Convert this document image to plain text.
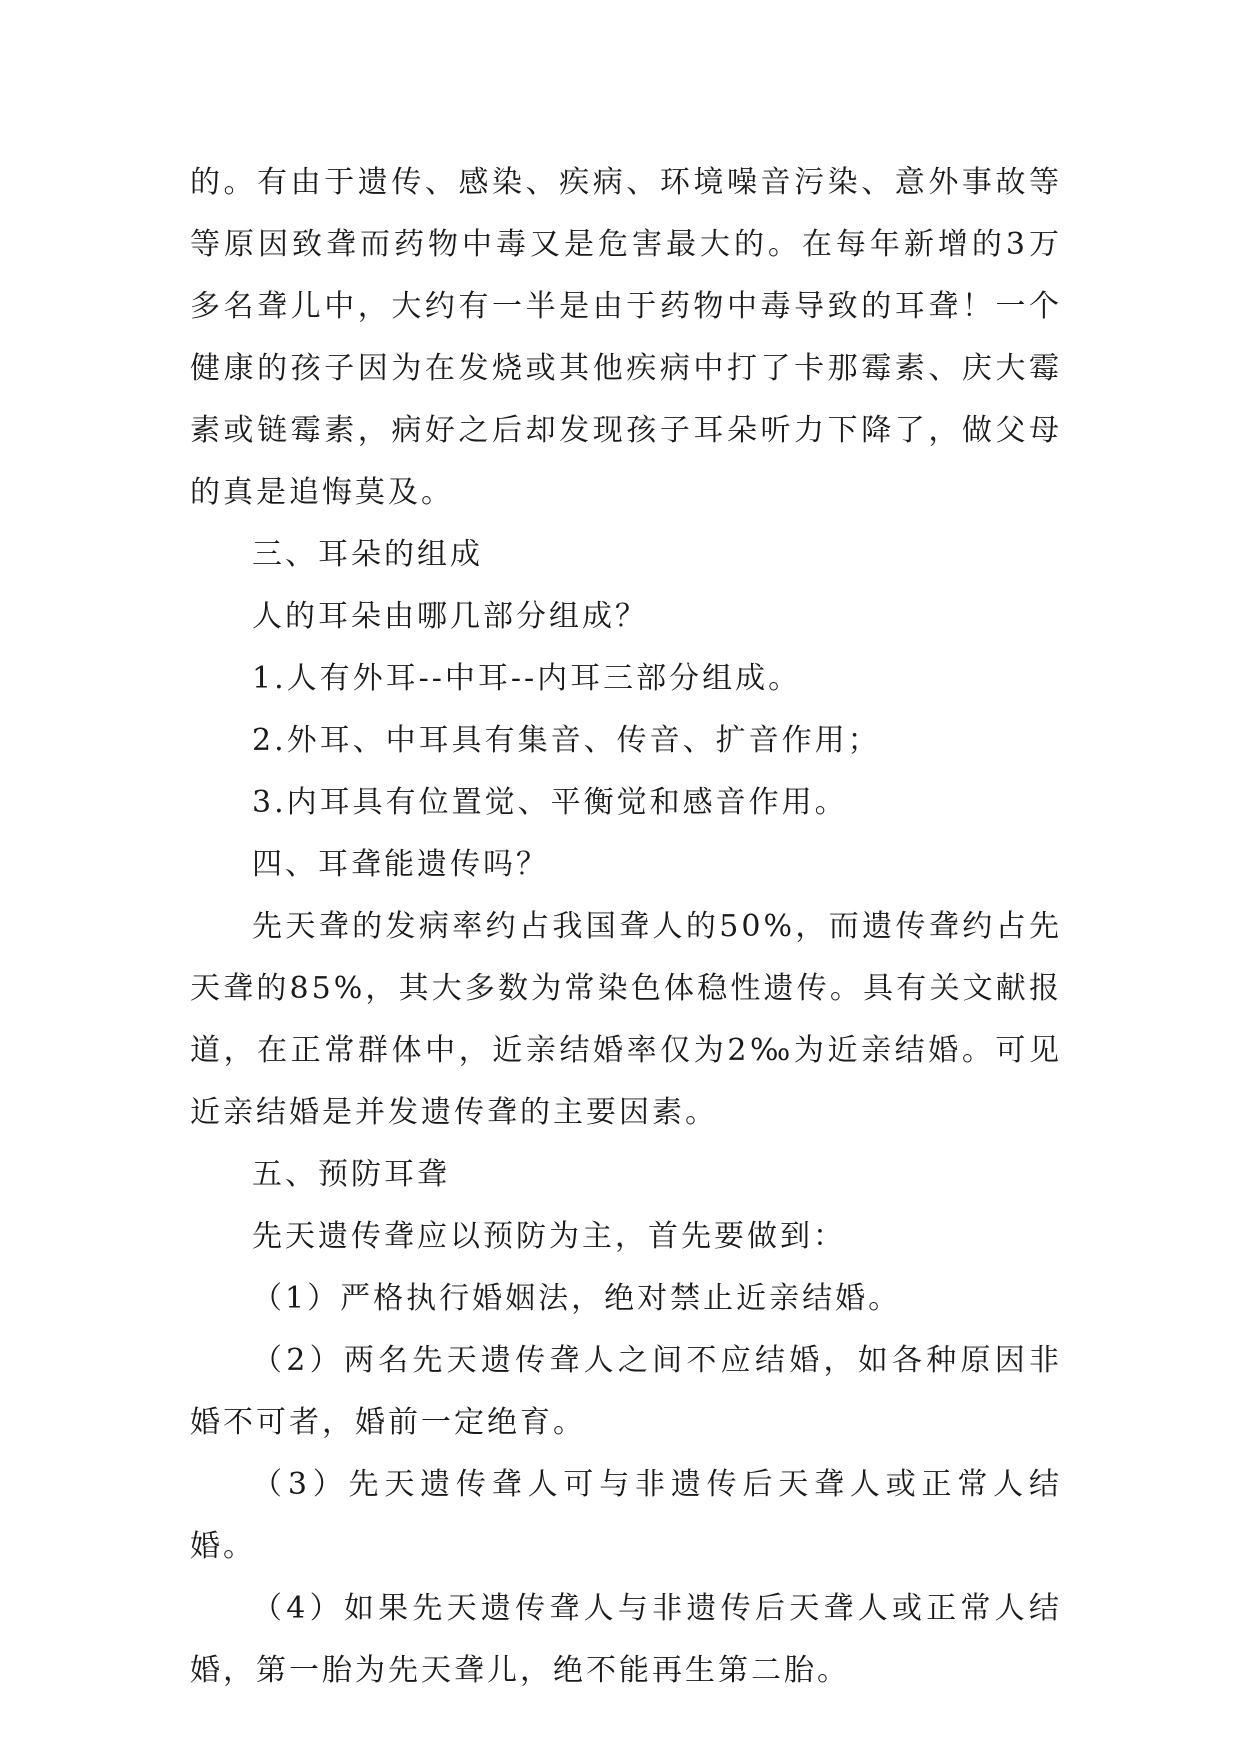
的。有由于遗传、感染、疾病、环境噪音污染、意外事故等等原因致聋而药物中毒又是危害最大的。在每年新增的3万多名聋儿中，大约有一半是由于药物中毒导致的耳聋！一个健康的孩子因为在发烧或其他疾病中打了卡那霉素、庆大霉素或链霉素，病好之后却发现孩子耳朵听力下降了，做父母的真是追悔莫及。

三、耳朵的组成

人的耳朵由哪几部分组成？

1.人有外耳--中耳--内耳三部分组成。

2.外耳、中耳具有集音、传音、扩音作用；

3.内耳具有位置觉、平衡觉和感音作用。

四、耳聋能遗传吗？

先天聋的发病率约占我国聋人的50%，而遗传聋约占先天聋的85%，其大多数为常染色体稳性遗传。具有关文献报道，在正常群体中，近亲结婚率仅为2‰为近亲结婚。可见近亲结婚是并发遗传聋的主要因素。

五、预防耳聋

先天遗传聋应以预防为主，首先要做到：

（1）严格执行婚姻法，绝对禁止近亲结婚。

（2）两名先天遗传聋人之间不应结婚，如各种原因非婚不可者，婚前一定绝育。

（3）先天遗传聋人可与非遗传后天聋人或正常人结婚。

（4）如果先天遗传聋人与非遗传后天聋人或正常人结婚，第一胎为先天聋儿，绝不能再生第二胎。
